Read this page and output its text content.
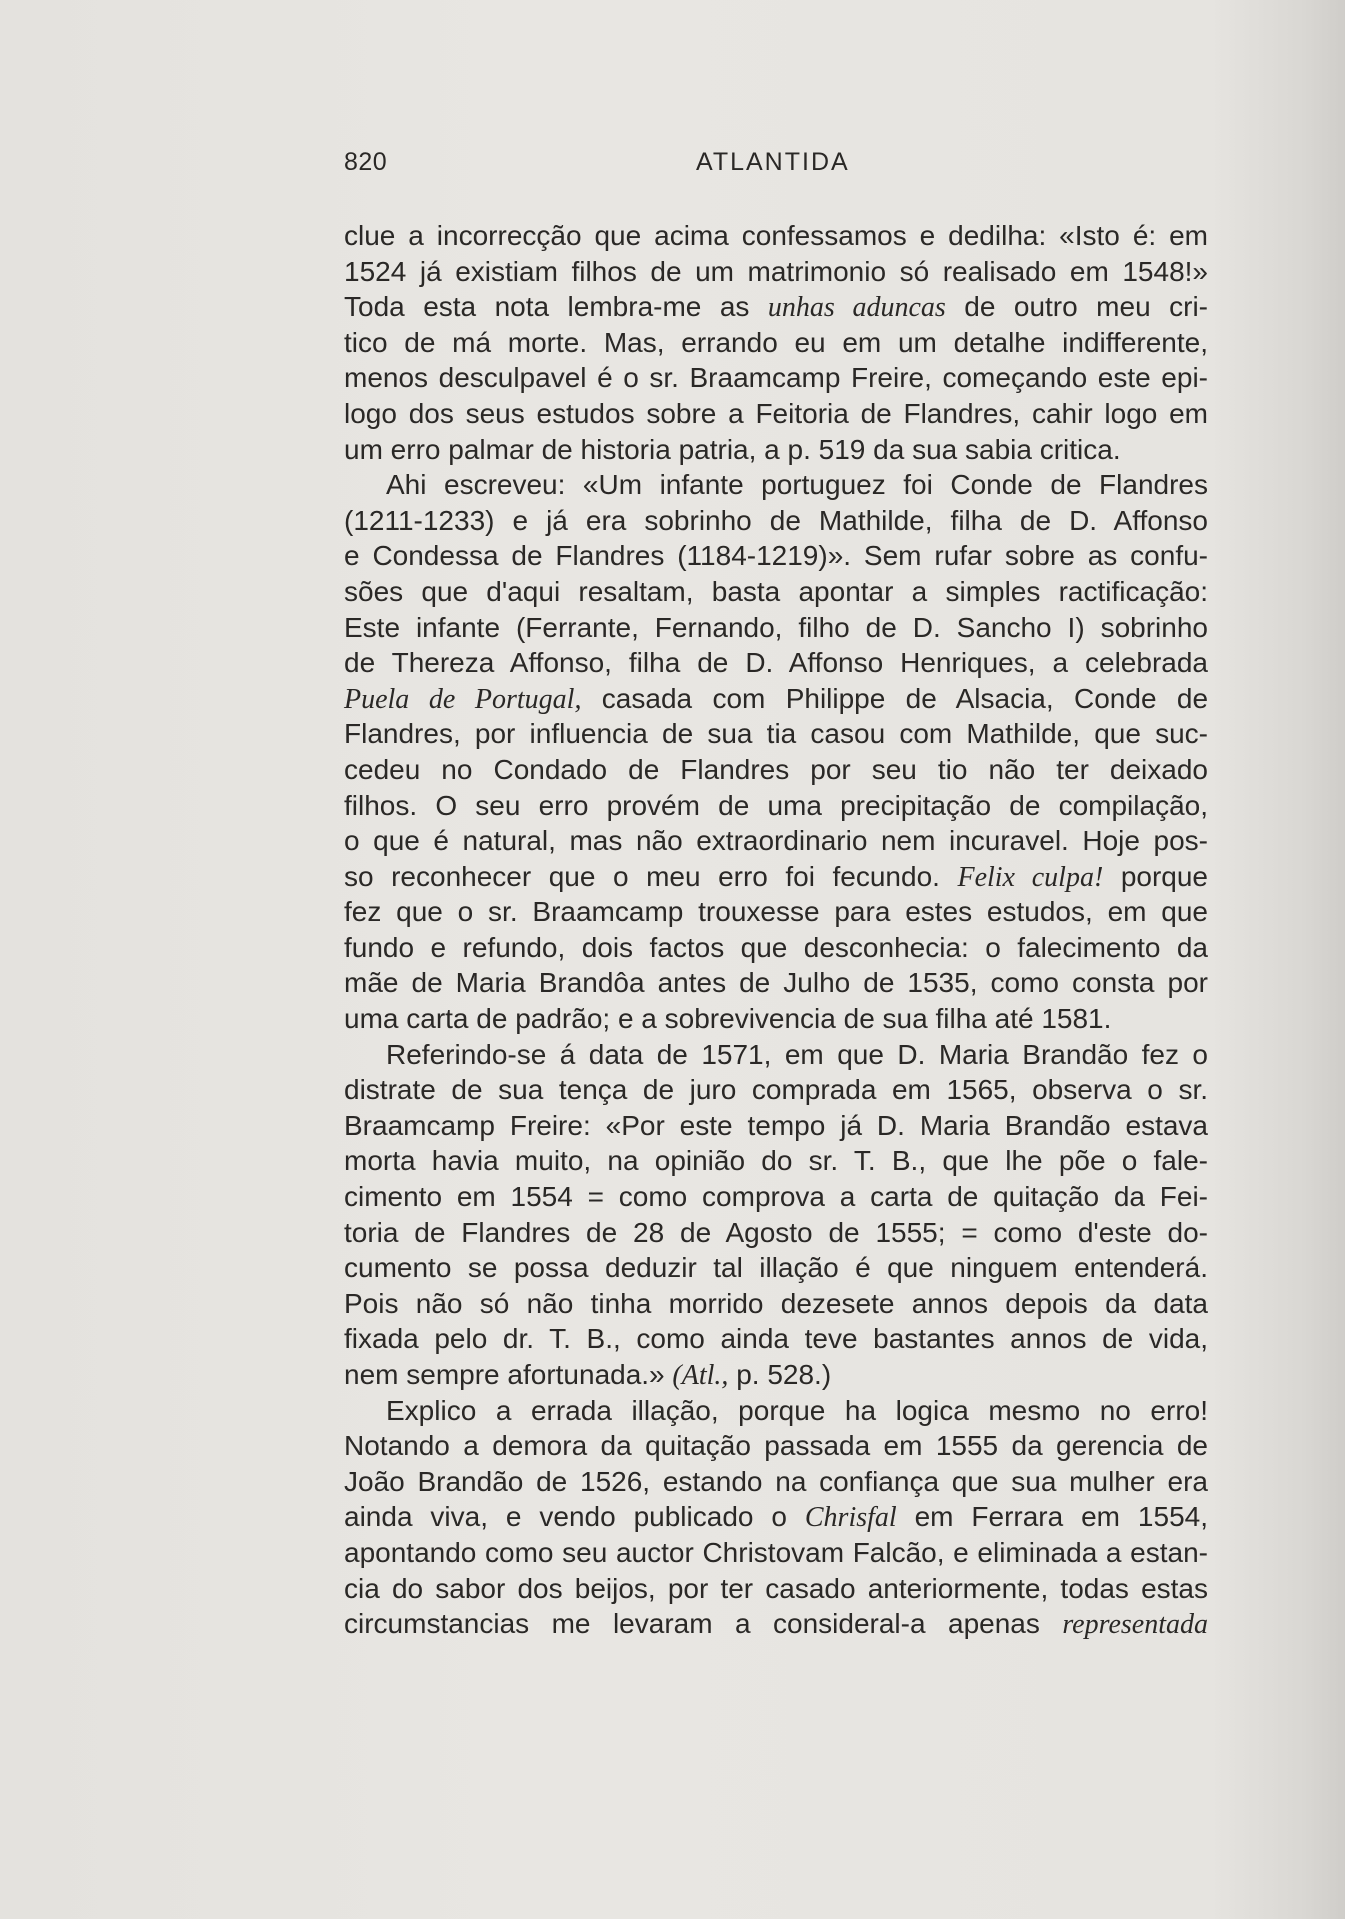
820	ATLANTIDA
clue a incorrecção que acima confessamos e dedilha: «Isto é: em
1524 já existiam filhos de um matrimonio só realisado em 1548!»
Toda esta nota lembra-me as unhas aduncas de outro meu cri-
tico de má morte. Mas, errando eu em um detalhe indifferente,
menos desculpavel é o sr. Braamcamp Freire, começando este epi-
logo dos seus estudos sobre a Feitoria de Flandres, cahir logo em
um erro palmar de historia patria, a p. 519 da sua sabia critica.
Ahi escreveu: «Um infante portuguez foi Conde de Flandres
(1211-1233) e já era sobrinho de Mathilde, filha de D. Affonso
e Condessa de Flandres (1184-1219)». Sem rufar sobre as confu-
sões que d'aqui resaltam, basta apontar a simples ractificação:
Este infante (Ferrante, Fernando, filho de D. Sancho I) sobrinho
de Thereza Affonso, filha de D. Affonso Henriques, a celebrada
Puela de Portugal, casada com Philippe de Alsacia, Conde de
Flandres, por influencia de sua tia casou com Mathilde, que suc-
cedeu no Condado de Flandres por seu tio não ter deixado
filhos. O seu erro provém de uma precipitação de compilação,
o que é natural, mas não extraordinario nem incuravel. Hoje pos-
so reconhecer que o meu erro foi fecundo. Felix culpa! porque
fez que o sr. Braamcamp trouxesse para estes estudos, em que
fundo e refundo, dois factos que desconhecia: o falecimento da
mãe de Maria Brandôa antes de Julho de 1535, como consta por
uma carta de padrão; e a sobrevivencia de sua filha até 1581.
Referindo-se á data de 1571, em que D. Maria Brandão fez o
distrate de sua tença de juro comprada em 1565, observa o sr.
Braamcamp Freire: «Por este tempo já D. Maria Brandão estava
morta havia muito, na opinião do sr. T. B., que lhe põe o fale-
cimento em 1554 = como comprova a carta de quitação da Fei-
toria de Flandres de 28 de Agosto de 1555; = como d'este do-
cumento se possa deduzir tal illação é que ninguem entenderá.
Pois não só não tinha morrido dezesete annos depois da data
fixada pelo dr. T. B., como ainda teve bastantes annos de vida,
nem sempre afortunada.» (Atl., p. 528.)
Explico a errada illação, porque ha logica mesmo no erro!
Notando a demora da quitação passada em 1555 da gerencia de
João Brandão de 1526, estando na confiança que sua mulher era
ainda viva, e vendo publicado o Chrisfal em Ferrara em 1554,
apontando como seu auctor Christovam Falcão, e eliminada a estan-
cia do sabor dos beijos, por ter casado anteriormente, todas estas
circumstancias me levaram a consideral-a apenas representada
